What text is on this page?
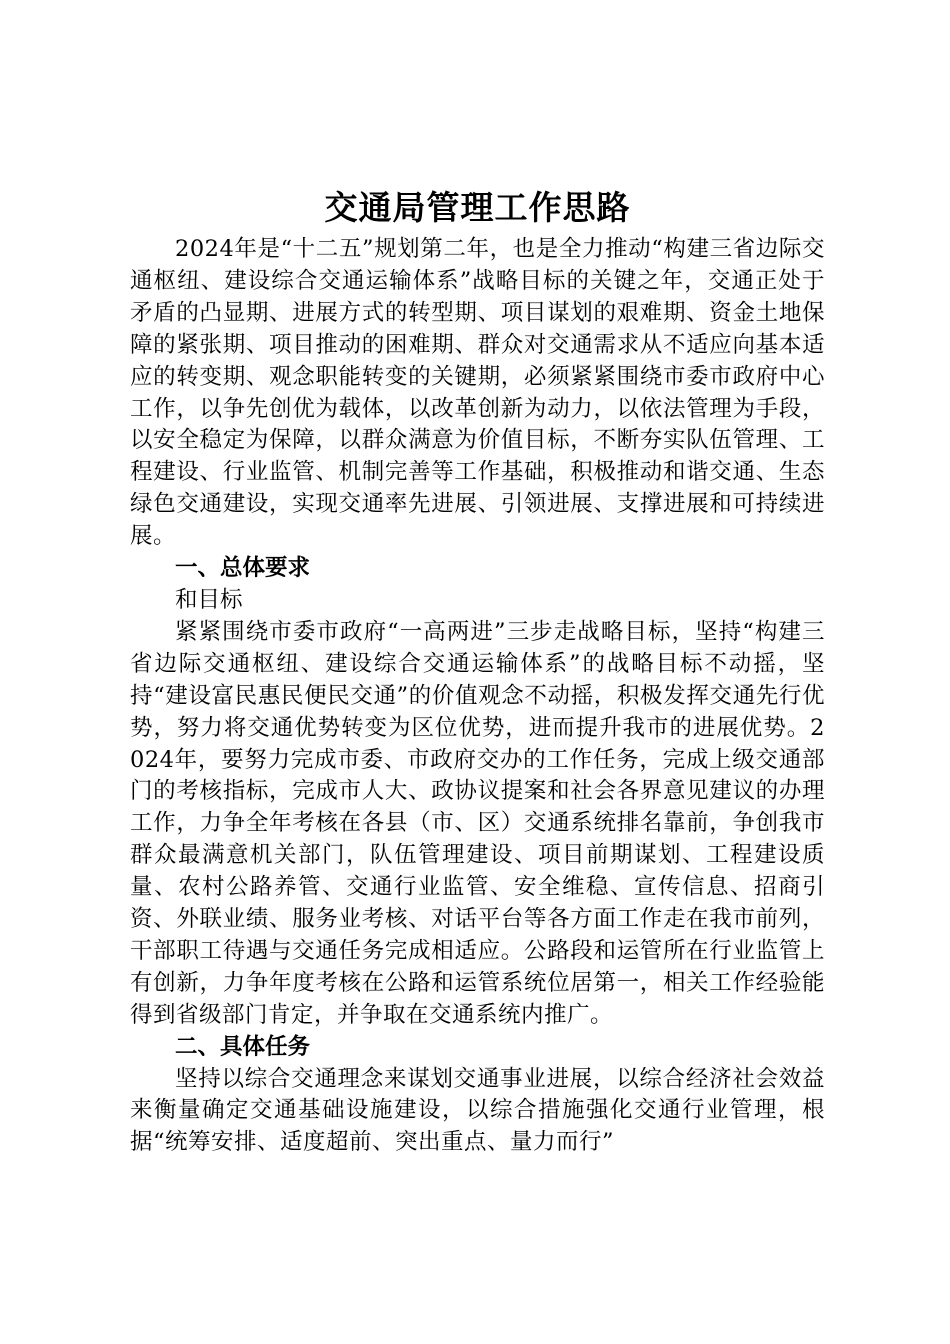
交通局管理工作思路

2024年是“十二五”规划第二年，也是全力推动“构建三省边际交通枢纽、建设综合交通运输体系”战略目标的关键之年，交通正处于矛盾的凸显期、进展方式的转型期、项目谋划的艰难期、资金土地保障的紧张期、项目推动的困难期、群众对交通需求从不适应向基本适应的转变期、观念职能转变的关键期，必须紧紧围绕市委市政府中心工作，以争先创优为载体，以改革创新为动力，以依法管理为手段，以安全稳定为保障，以群众满意为价值目标，不断夯实队伍管理、工程建设、行业监管、机制完善等工作基础，积极推动和谐交通、生态绿色交通建设，实现交通率先进展、引领进展、支撑进展和可持续进展。

一、总体要求

和目标

紧紧围绕市委市政府“一高两进”三步走战略目标，坚持“构建三省边际交通枢纽、建设综合交通运输体系”的战略目标不动摇，坚持“建设富民惠民便民交通”的价值观念不动摇，积极发挥交通先行优势，努力将交通优势转变为区位优势，进而提升我市的进展优势。2024年，要努力完成市委、市政府交办的工作任务，完成上级交通部门的考核指标，完成市人大、政协议提案和社会各界意见建议的办理工作，力争全年考核在各县（市、区）交通系统排名靠前，争创我市群众最满意机关部门，队伍管理建设、项目前期谋划、工程建设质量、农村公路养管、交通行业监管、安全维稳、宣传信息、招商引资、外联业绩、服务业考核、对话平台等各方面工作走在我市前列，干部职工待遇与交通任务完成相适应。公路段和运管所在行业监管上有创新，力争年度考核在公路和运管系统位居第一，相关工作经验能得到省级部门肯定，并争取在交通系统内推广。

二、具体任务

坚持以综合交通理念来谋划交通事业进展，以综合经济社会效益来衡量确定交通基础设施建设，以综合措施强化交通行业管理，根据“统筹安排、适度超前、突出重点、量力而行”
